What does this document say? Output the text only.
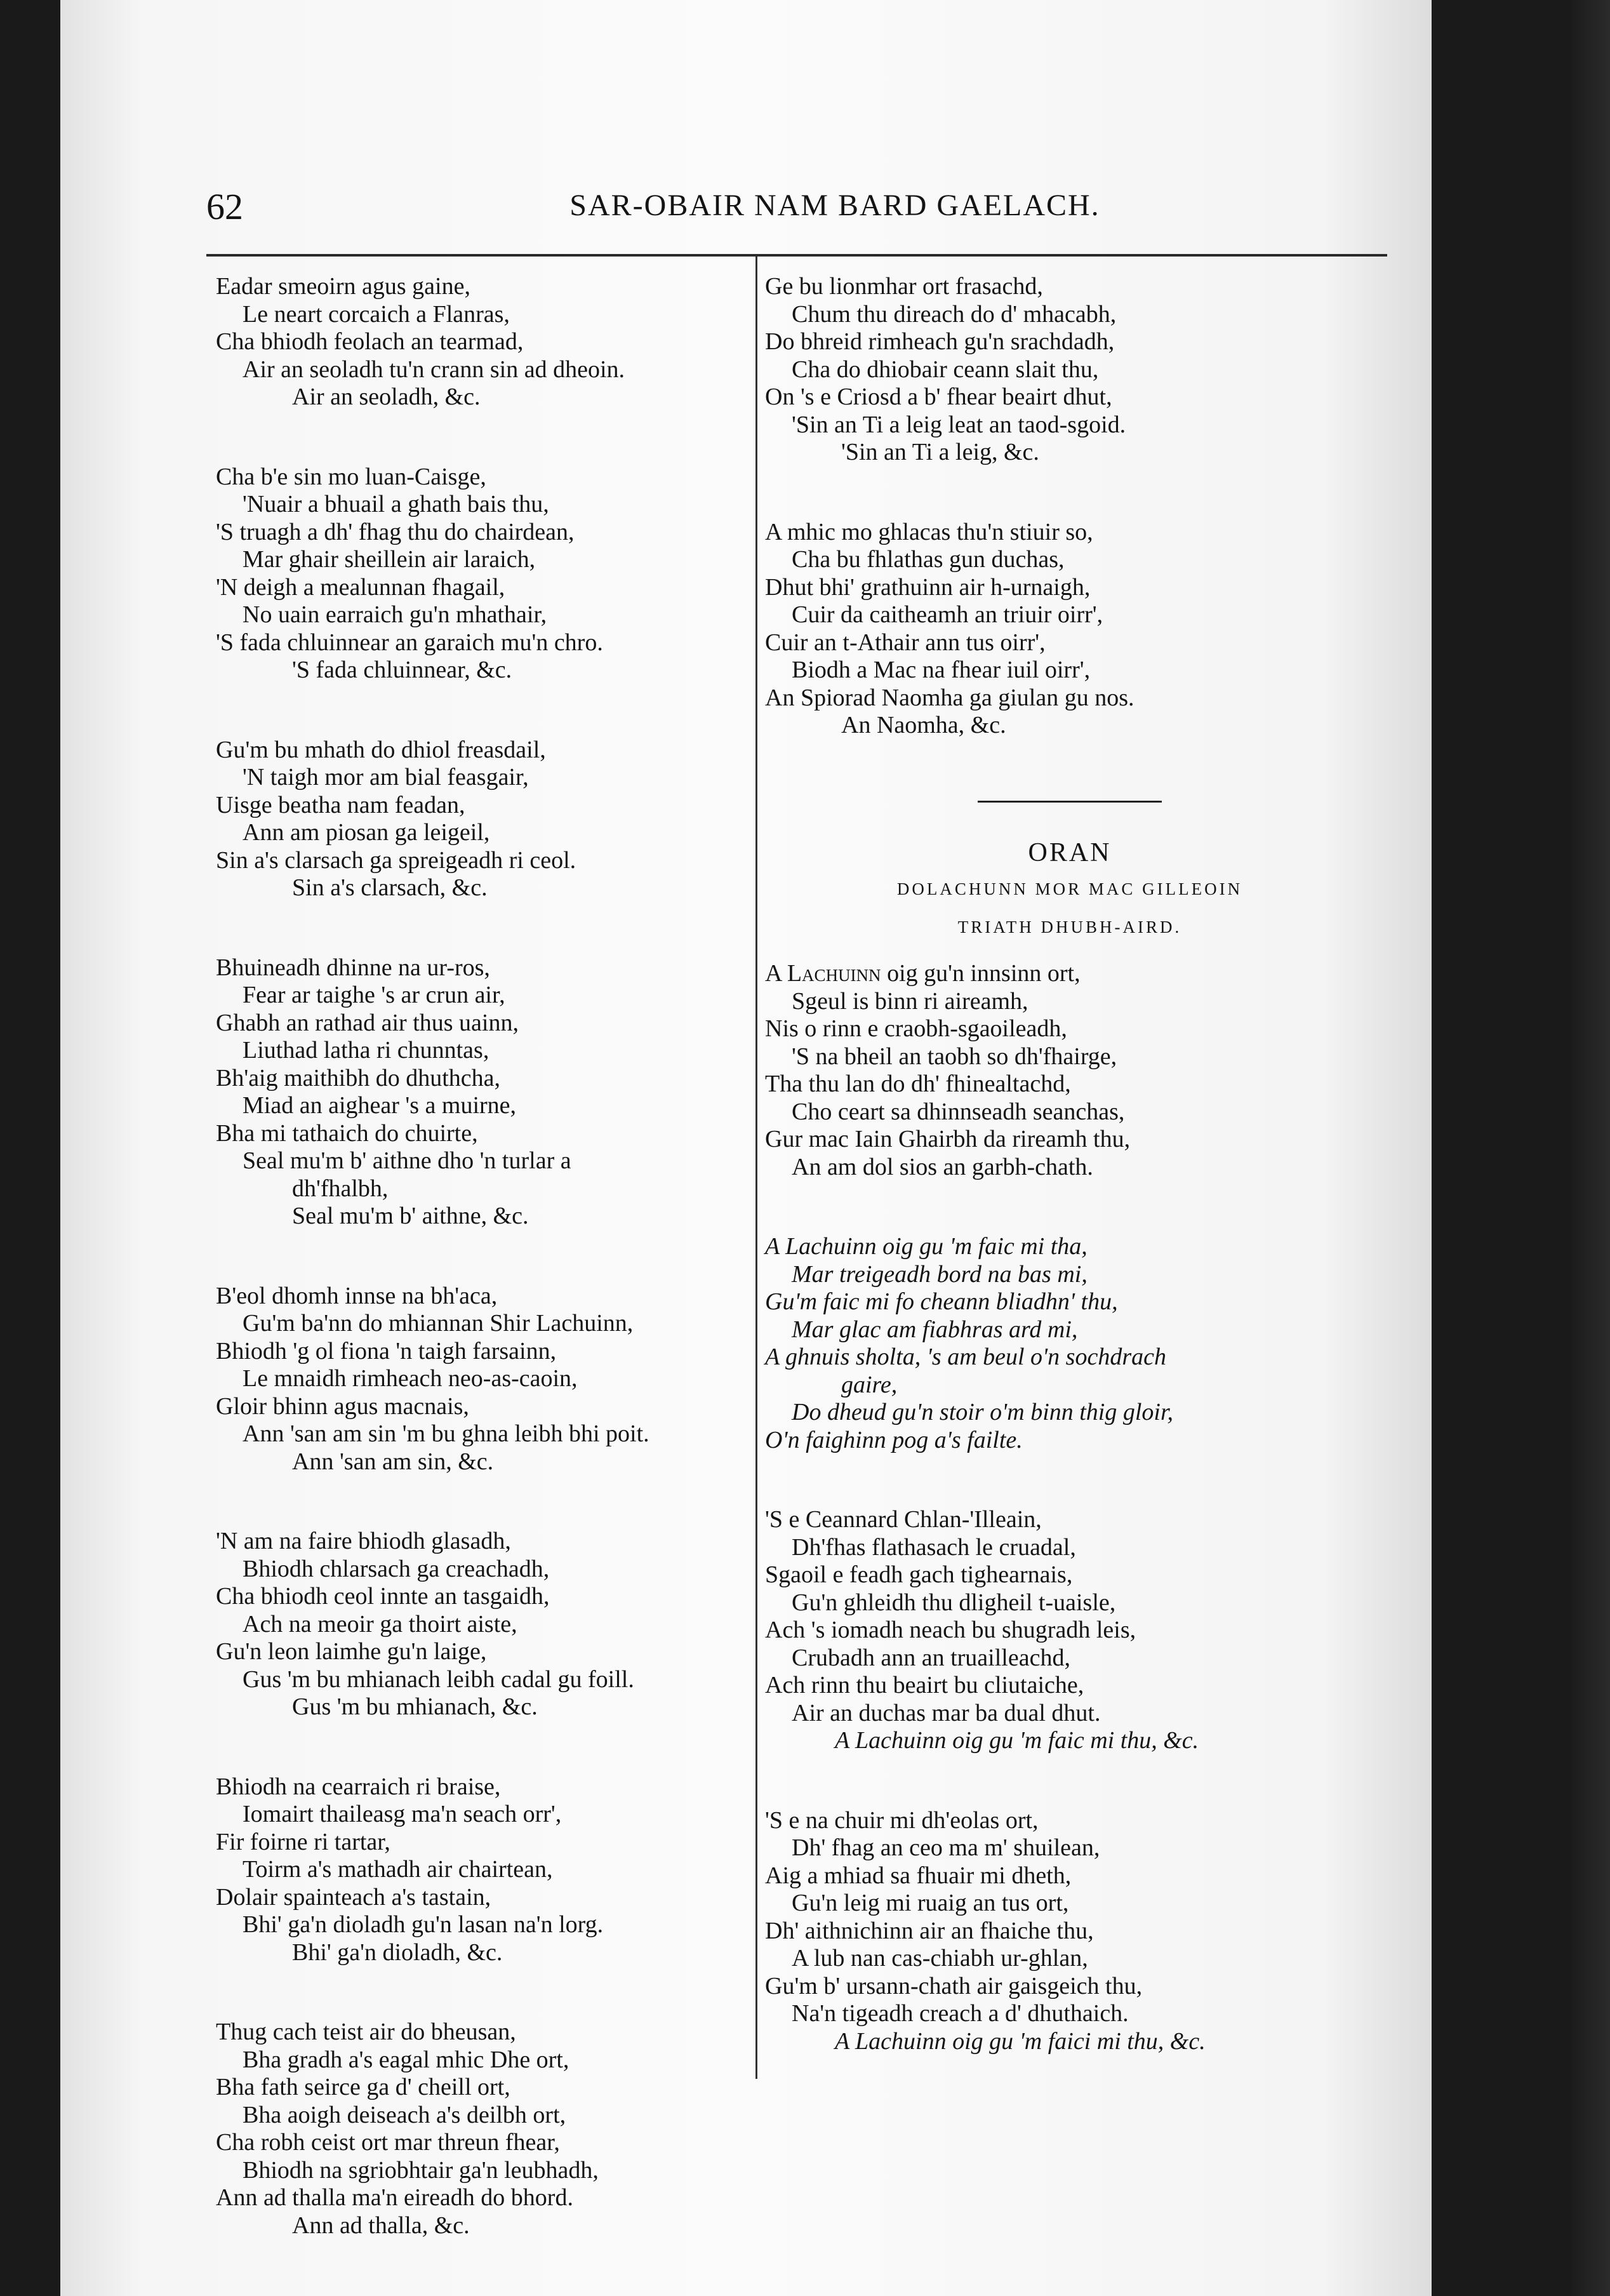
62	SAR-OBAIR NAM BARD GAELACH.
Eadar smeoirn agus gaine,
Le neart corcaich a Flanras,
Cha bhiodh feolach an tearmad,
Air an seoladh tu'n crann sin ad dheoin.
Air an seoladh, &c.
Cha b'e sin mo luan-Caisge,
'Nuair a bhuail a ghath bais thu,
'S truagh a dh' fhag thu do chairdean,
Mar ghair sheillein air laraich,
'N deigh a mealunnan fhagail,
No uain earraich gu'n mhathair,
'S fada chluinnear an garaich mu'n chro.
'S fada chluinnear, &c.
Gu'm bu mhath do dhiol freasdail,
'N taigh mor am bial feasgair,
Uisge beatha nam feadan,
Ann am piosan ga leigeil,
Sin a's clarsach ga spreigeadh ri ceol.
Sin a's clarsach, &c.
Bhuineadh dhinne na ur-ros,
Fear ar taighe 's ar crun air,
Ghabh an rathad air thus uainn,
Liuthad latha ri chunntas,
Bh'aig maithibh do dhuthcha,
Miad an aighear 's a muirne,
Bha mi tathaich do chuirte,
Seal mu'm b' aithne dho 'n turlar a
dh'fhalbh,
Seal mu'm b' aithne, &c.
B'eol dhomh innse na bh'aca,
Gu'm ba'nn do mhiannan Shir Lachuinn,
Bhiodh 'g ol fiona 'n taigh farsainn,
Le mnaidh rimheach neo-as-caoin,
Gloir bhinn agus macnais,
Ann 'san am sin 'm bu ghna leibh bhi poit.
Ann 'san am sin, &c.
'N am na faire bhiodh glasadh,
Bhiodh chlarsach ga creachadh,
Cha bhiodh ceol innte an tasgaidh,
Ach na meoir ga thoirt aiste,
Gu'n leon laimhe gu'n laige,
Gus 'm bu mhianach leibh cadal gu foill.
Gus 'm bu mhianach, &c.
Bhiodh na cearraich ri braise,
Iomairt thaileasg ma'n seach orr',
Fir foirne ri tartar,
Toirm a's mathadh air chairtean,
Dolair spainteach a's tastain,
Bhi' ga'n dioladh gu'n lasan na'n lorg.
Bhi' ga'n dioladh, &c.
Thug cach teist air do bheusan,
Bha gradh a's eagal mhic Dhe ort,
Bha fath seirce ga d' cheill ort,
Bha aoigh deiseach a's deilbh ort,
Cha robh ceist ort mar threun fhear,
Bhiodh na sgriobhtair ga'n leubhadh,
Ann ad thalla ma'n eireadh do bhord.
Ann ad thalla, &c.
Ge bu lionmhar ort frasachd,
Chum thu direach do d' mhacabh,
Do bhreid rimheach gu'n srachdadh,
Cha do dhiobair ceann slait thu,
On 's e Criosd a b' fhear beairt dhut,
'Sin an Ti a leig leat an taod-sgoid.
'Sin an Ti a leig, &c.
A mhic mo ghlacas thu'n stiuir so,
Cha bu fhlathas gun duchas,
Dhut bhi' grathuinn air h-urnaigh,
Cuir da caitheamh an triuir oirr',
Cuir an t-Athair ann tus oirr',
Biodh a Mac na fhear iuil oirr',
An Spiorad Naomha ga giulan gu nos.
An Naomha, &c.
ORAN
DOLACHUNN MOR MAC GILLEOIN
TRIATH DHUBH-AIRD.
A Lachuinn oig gu'n innsinn ort,
Sgeul is binn ri aireamh,
Nis o rinn e craobh-sgaoileadh,
'S na bheil an taobh so dh'fhairge,
Tha thu lan do dh' fhinealtachd,
Cho ceart sa dhinnseadh seanchas,
Gur mac Iain Ghairbh da rireamh thu,
An am dol sios an garbh-chath.
A Lachuinn oig gu 'm faic mi tha,
Mar treigeadh bord na bas mi,
Gu'm faic mi fo cheann bliadhn' thu,
Mar glac am fiabhras ard mi,
A ghnuis sholta, 's am beul o'n sochdrach
gaire,
Do dheud gu'n stoir o'm binn thig gloir,
O'n faighinn pog a's failte.
'S e Ceannard Chlan-'Illeain,
Dh'fhas flathasach le cruadal,
Sgaoil e feadh gach tighearnais,
Gu'n ghleidh thu dligheil t-uaisle,
Ach 's iomadh neach bu shugradh leis,
Crubadh ann an truailleachd,
Ach rinn thu beairt bu cliutaiche,
Air an duchas mar ba dual dhut.
A Lachuinn oig gu 'm faic mi thu, &c.
'S e na chuir mi dh'eolas ort,
Dh' fhag an ceo ma m' shuilean,
Aig a mhiad sa fhuair mi dheth,
Gu'n leig mi ruaig an tus ort,
Dh' aithnichinn air an fhaiche thu,
A lub nan cas-chiabh ur-ghlan,
Gu'm b' ursann-chath air gaisgeich thu,
Na'n tigeadh creach a d' dhuthaich.
A Lachuinn oig gu 'm faici mi thu, &c.
